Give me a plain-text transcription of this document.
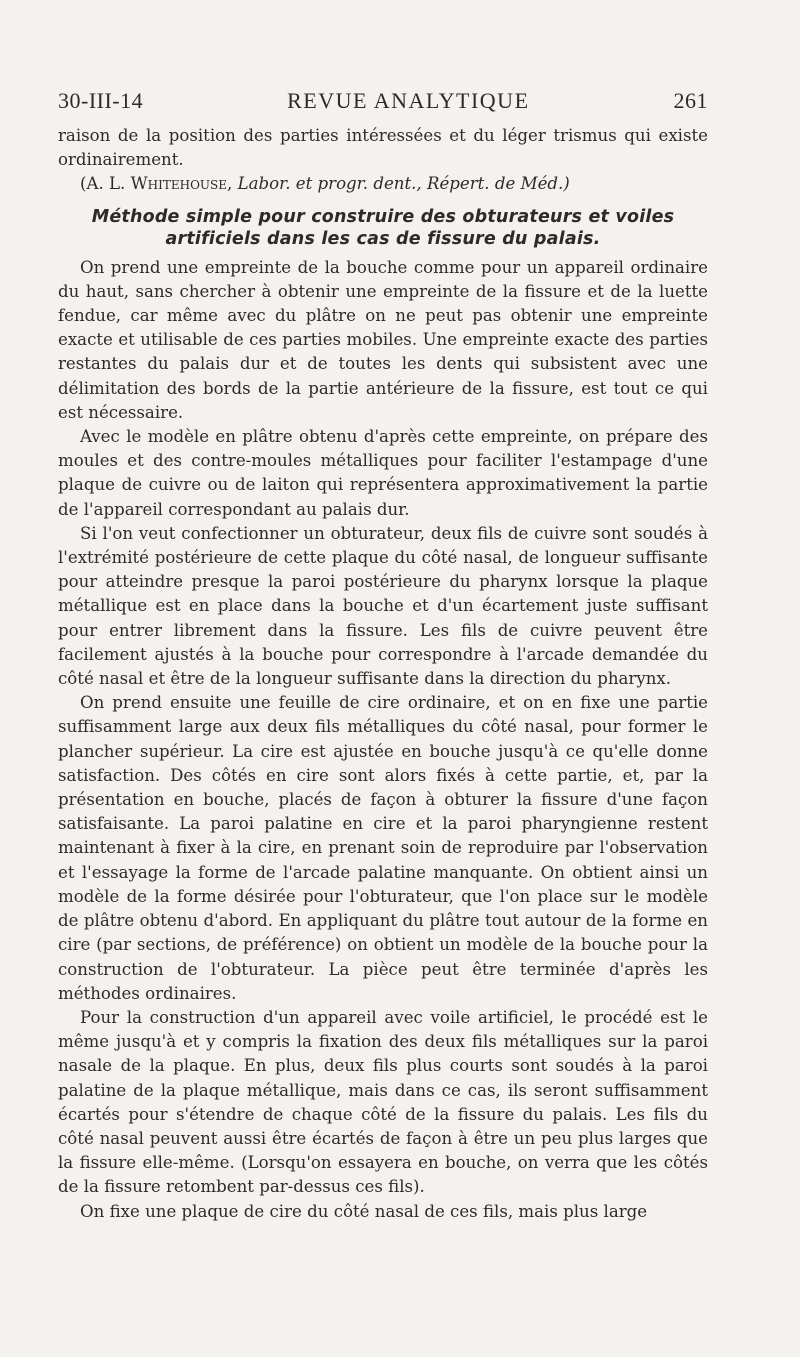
30-III-14	REVUE ANALYTIQUE	261

raison de la position des parties intéressées et du léger trismus qui existe ordinairement.

(A. L. Whitehouse, Labor. et progr. dent., Répert. de Méd.)

Méthode simple pour construire des obturateurs et voiles
artificiels dans les cas de fissure du palais.

On prend une empreinte de la bouche comme pour un appareil ordinaire du haut, sans chercher à obtenir une empreinte de la fissure et de la luette fendue, car même avec du plâtre on ne peut pas obtenir une empreinte exacte et utilisable de ces parties mobiles. Une empreinte exacte des parties restantes du palais dur et de toutes les dents qui subsistent avec une délimitation des bords de la partie antérieure de la fissure, est tout ce qui est nécessaire.

Avec le modèle en plâtre obtenu d'après cette empreinte, on prépare des moules et des contre-moules métalliques pour faciliter l'estampage d'une plaque de cuivre ou de laiton qui représentera approximativement la partie de l'appareil correspondant au palais dur.

Si l'on veut confectionner un obturateur, deux fils de cuivre sont soudés à l'extrémité postérieure de cette plaque du côté nasal, de longueur suffisante pour atteindre presque la paroi postérieure du pharynx lorsque la plaque métallique est en place dans la bouche et d'un écartement juste suffisant pour entrer librement dans la fissure. Les fils de cuivre peuvent être facilement ajustés à la bouche pour correspondre à l'arcade demandée du côté nasal et être de la longueur suffisante dans la direction du pharynx.

On prend ensuite une feuille de cire ordinaire, et on en fixe une partie suffisamment large aux deux fils métalliques du côté nasal, pour former le plancher supérieur. La cire est ajustée en bouche jusqu'à ce qu'elle donne satisfaction. Des côtés en cire sont alors fixés à cette partie, et, par la présentation en bouche, placés de façon à obturer la fissure d'une façon satisfaisante. La paroi palatine en cire et la paroi pharyngienne restent maintenant à fixer à la cire, en prenant soin de reproduire par l'observation et l'essayage la forme de l'arcade palatine manquante. On obtient ainsi un modèle de la forme désirée pour l'obturateur, que l'on place sur le modèle de plâtre obtenu d'abord. En appliquant du plâtre tout autour de la forme en cire (par sections, de préférence) on obtient un modèle de la bouche pour la construction de l'obturateur. La pièce peut être terminée d'après les méthodes ordinaires.

Pour la construction d'un appareil avec voile artificiel, le procédé est le même jusqu'à et y compris la fixation des deux fils métalliques sur la paroi nasale de la plaque. En plus, deux fils plus courts sont soudés à la paroi palatine de la plaque métallique, mais dans ce cas, ils seront suffisamment écartés pour s'étendre de chaque côté de la fissure du palais. Les fils du côté nasal peuvent aussi être écartés de façon à être un peu plus larges que la fissure elle-même. (Lorsqu'on essayera en bouche, on verra que les côtés de la fissure retombent par-dessus ces fils).

On fixe une plaque de cire du côté nasal de ces fils, mais plus large
